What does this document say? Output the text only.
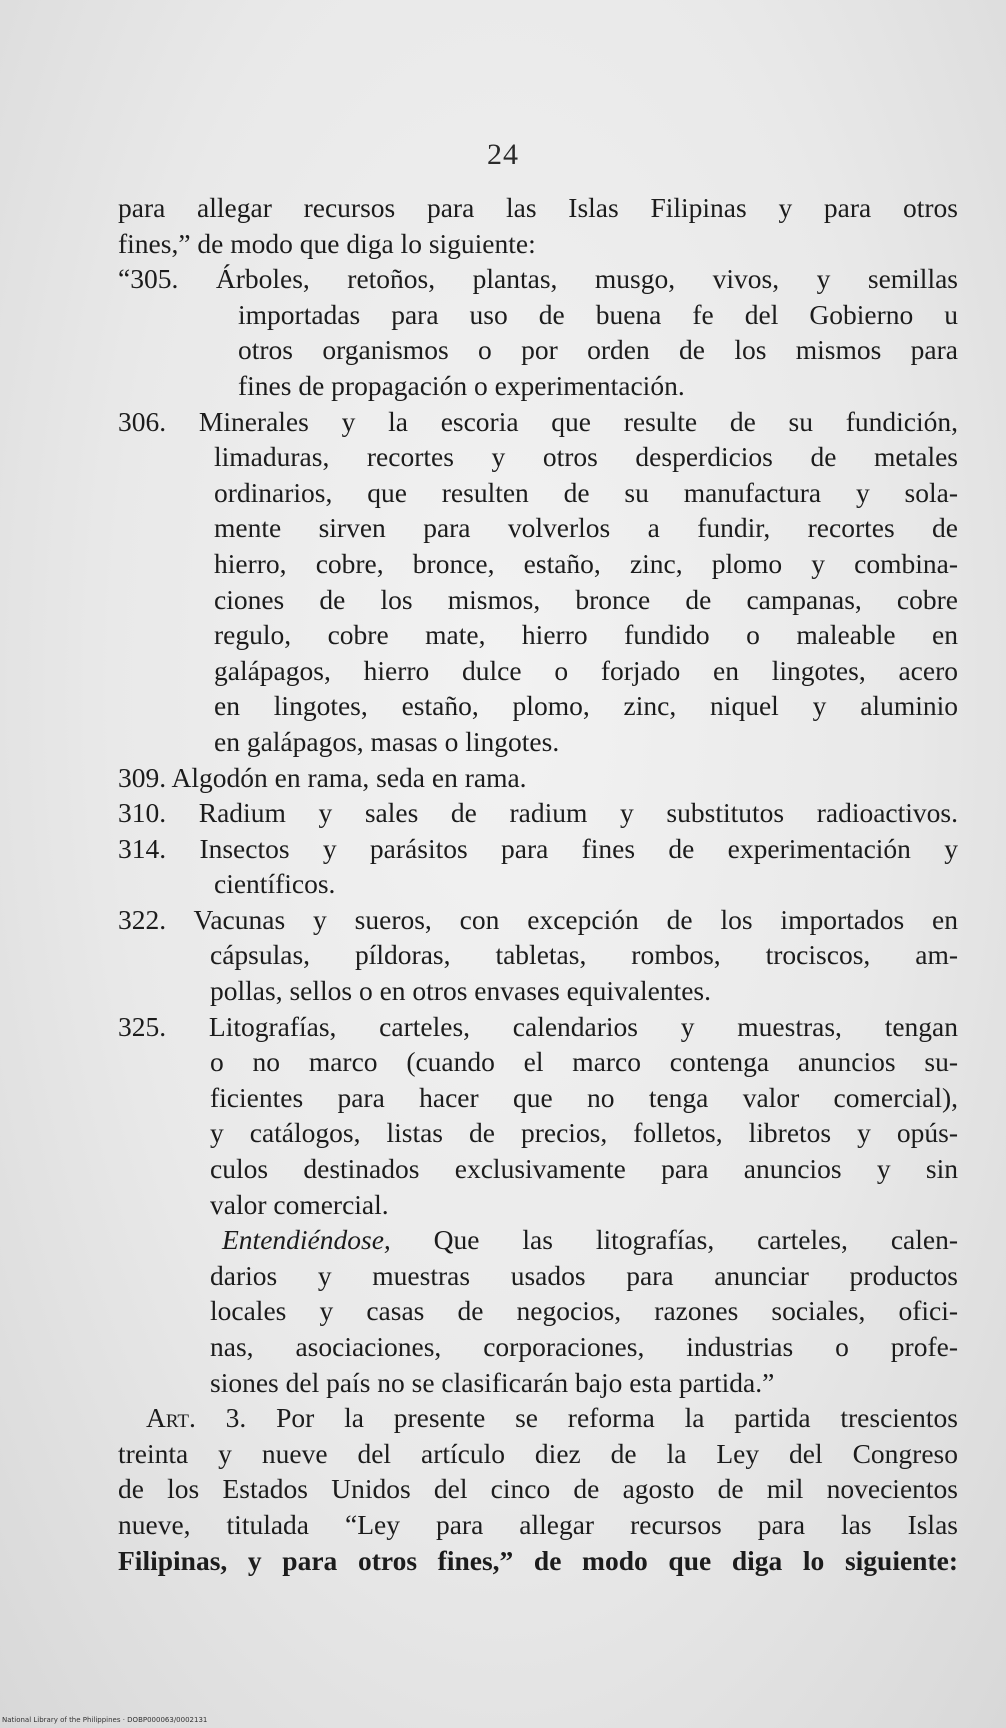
24
para allegar recursos para las Islas Filipinas y para otros
fines,” de modo que diga lo siguiente:
“305. Árboles, retoños, plantas, musgo, vivos, y semillas
importadas para uso de buena fe del Gobierno u
otros organismos o por orden de los mismos para
fines de propagación o experimentación.
306. Minerales y la escoria que resulte de su fundición,
limaduras, recortes y otros desperdicios de metales
ordinarios, que resulten de su manufactura y sola-
mente sirven para volverlos a fundir, recortes de
hierro, cobre, bronce, estaño, zinc, plomo y combina-
ciones de los mismos, bronce de campanas, cobre
regulo, cobre mate, hierro fundido o maleable en
galápagos, hierro dulce o forjado en lingotes, acero
en lingotes, estaño, plomo, zinc, niquel y aluminio
en galápagos, masas o lingotes.
309. Algodón en rama, seda en rama.
310. Radium y sales de radium y substitutos radioactivos.
314. Insectos y parásitos para fines de experimentación y
científicos.
322. Vacunas y sueros, con excepción de los importados en
cápsulas, píldoras, tabletas, rombos, trociscos, am-
pollas, sellos o en otros envases equivalentes.
325. Litografías, carteles, calendarios y muestras, tengan
o no marco (cuando el marco contenga anuncios su-
ficientes para hacer que no tenga valor comercial),
y catálogos, listas de precios, folletos, libretos y opús-
culos destinados exclusivamente para anuncios y sin
valor comercial.
Entendiéndose, Que las litografías, carteles, calen-
darios y muestras usados para anunciar productos
locales y casas de negocios, razones sociales, ofici-
nas, asociaciones, corporaciones, industrias o profe-
siones del país no se clasificarán bajo esta partida.”
Art. 3. Por la presente se reforma la partida trescientos
treinta y nueve del artículo diez de la Ley del Congreso
de los Estados Unidos del cinco de agosto de mil novecientos
nueve, titulada “Ley para allegar recursos para las Islas
Filipinas, y para otros fines,” de modo que diga lo siguiente:
National Library of the Philippines · DOBP000063/0002131
